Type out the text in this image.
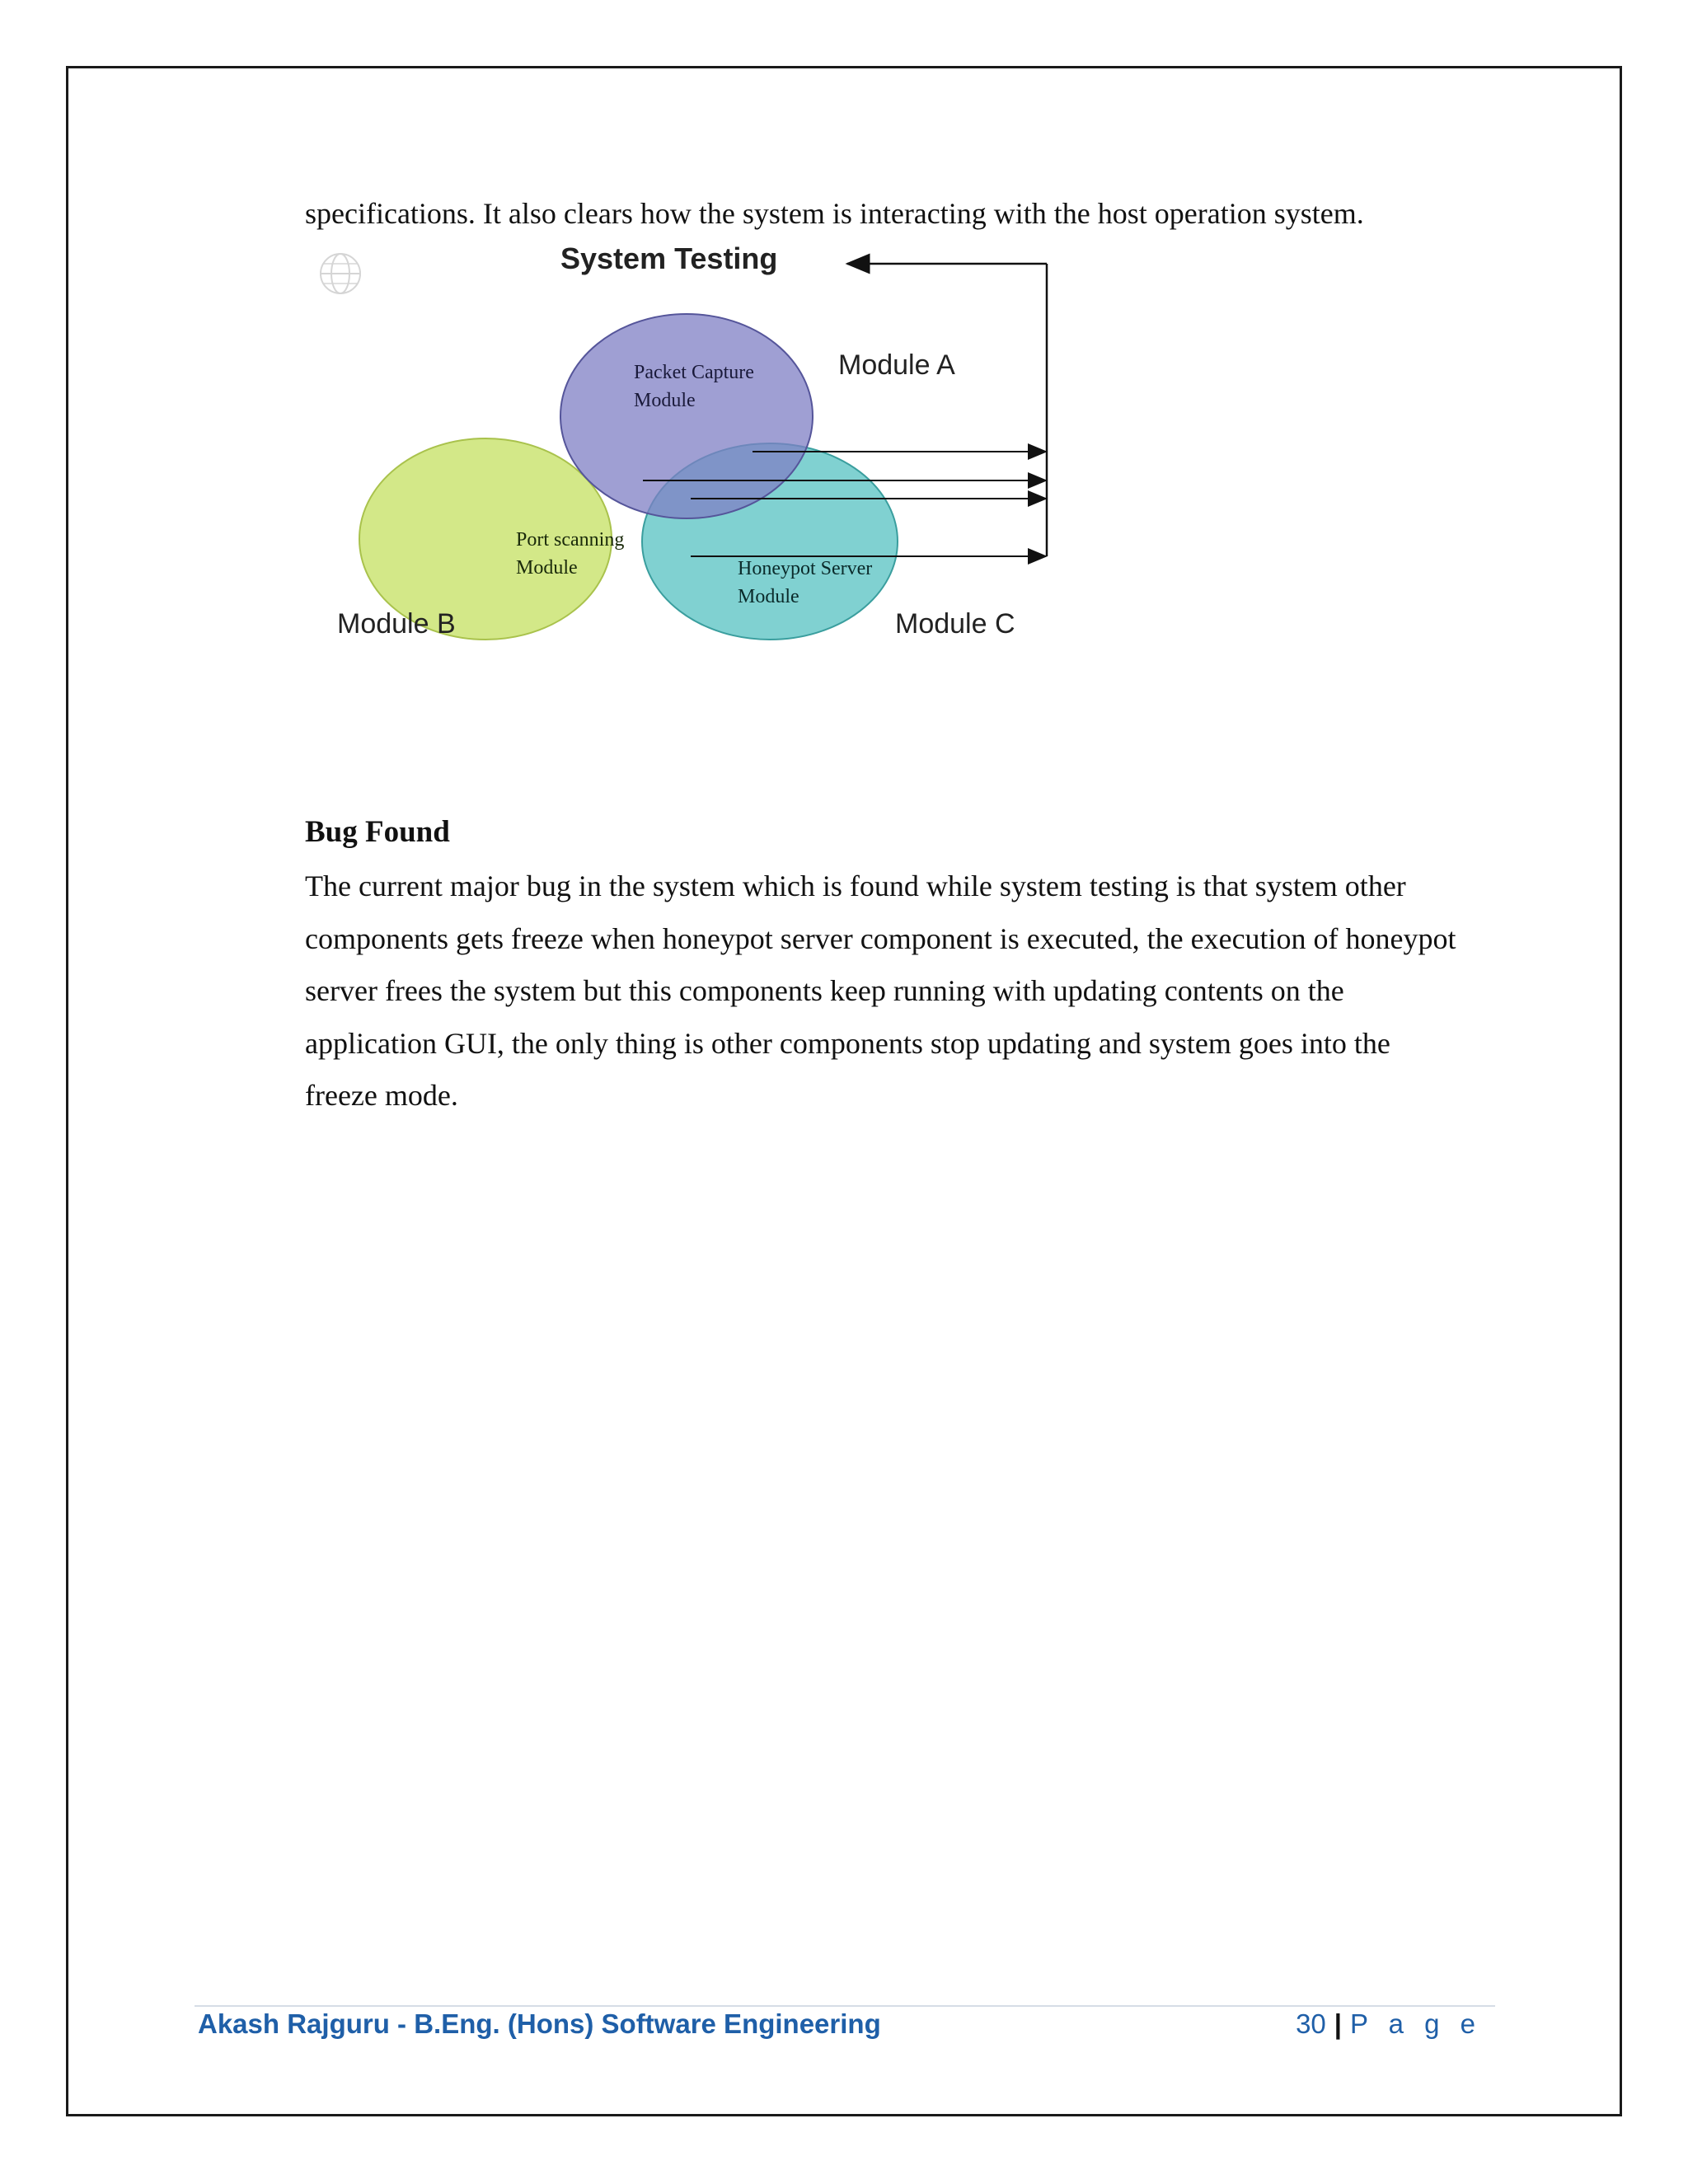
specifications. It also clears how the system is interacting with the host operation system.
System Testing
Module A
Module B	Module C
Packet Capture
Module
Port scanning
Module	Honeypot Server
Module
Bug Found
The current major bug in the system which is found while system testing is that system other
components gets freeze when honeypot server component is executed, the execution of honeypot
server frees the system but this components keep running with updating contents on the
application GUI, the only thing is other components stop updating and system goes into the
freeze mode.
Akash Rajguru - B.Eng. (Hons) Software Engineering	30 | P a g e
